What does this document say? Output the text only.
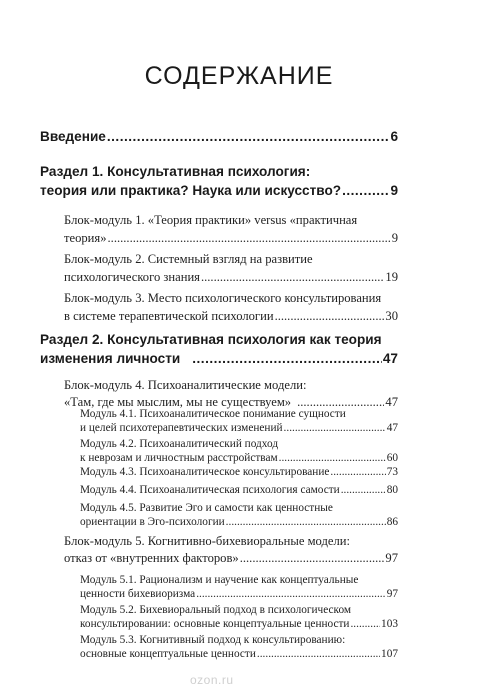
СОДЕРЖАНИЕ
Введение .....	6
Раздел 1. Консультативная психология:
теория или практика? Наука или искусство? .....	9
Блок-модуль 1. «Теория практики» versus «практичная
теория» .....	9
Блок-модуль 2. Системный взгляд на развитие
психологического знания .....	19
Блок-модуль 3. Место психологического консультирования
в системе терапевтической психологии .....	30
Раздел 2. Консультативная психология как теория
изменения личности .....	47
Блок-модуль 4. Психоаналитические модели:
«Там, где мы мыслим, мы не существуем» .....	47
Модуль 4.1. Психоаналитическое понимание сущности
и целей психотерапевтических изменений .....	47
Модуль 4.2. Психоаналитический подход
к неврозам и личностным расстройствам .....	60
Модуль 4.3. Психоаналитическое консультирование .....	73
Модуль 4.4. Психоаналитическая психология самости .....	80
Модуль 4.5. Развитие Эго и самости как ценностные
ориентации в Эго-психологии .....	86
Блок-модуль 5. Когнитивно-бихевиоральные модели:
отказ от «внутренних факторов» .....	97
Модуль 5.1. Рационализм и научение как концептуальные
ценности бихевиоризма .....	97
Модуль 5.2. Бихевиоральный подход в психологическом
консультировании: основные концептуальные ценности .....	103
Модуль 5.3. Когнитивный подход к консультированию:
основные концептуальные ценности .....	107
ozon.ru
